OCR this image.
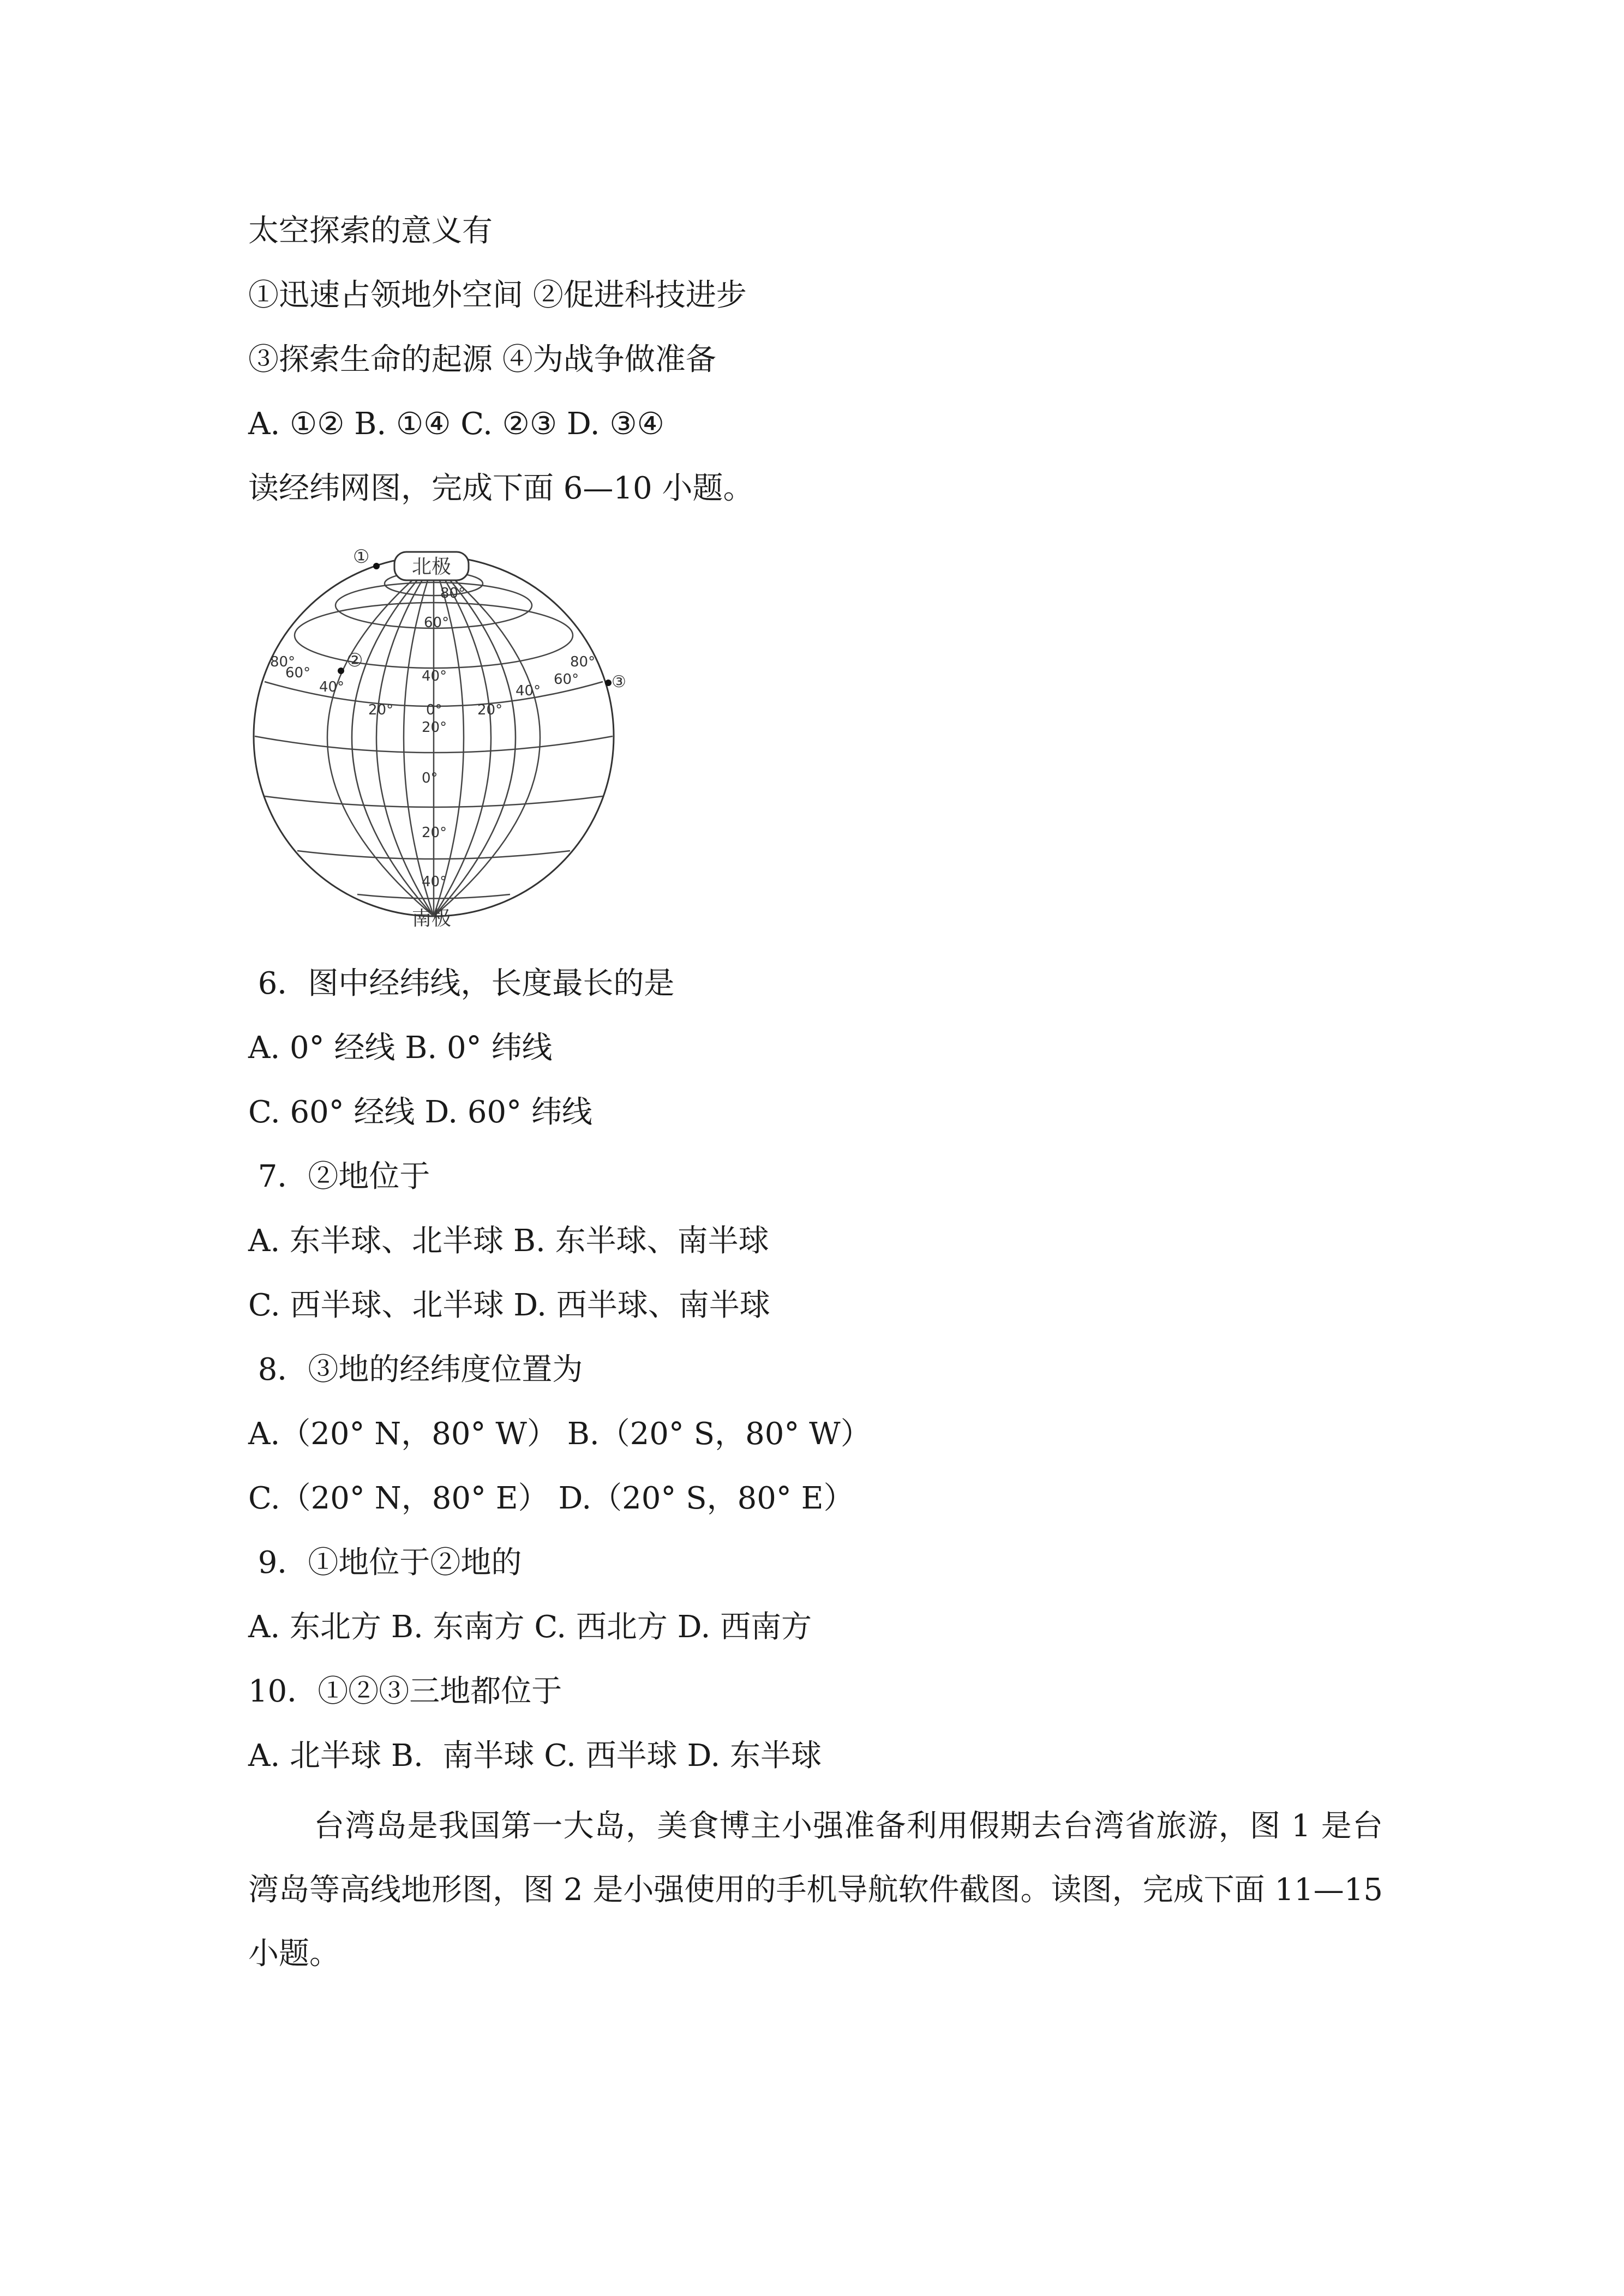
太空探索的意义有
①迅速占领地外空间 ②促进科技进步
③探索生命的起源 ④为战争做准备
A. ①② B. ①④ C. ②③ D. ③④
读经纬网图，完成下面 6—10 小题。
北极
南极
80°
60°
40°
20°
0°
20°
40°
80°
60°
40°
20° 0° 20°
40°
60°
80°
①
②
③
6．图中经纬线，长度最长的是
A. 0° 经线 B. 0° 纬线
C. 60° 经线 D. 60° 纬线
7．②地位于
A. 东半球、北半球 B. 东半球、南半球
C. 西半球、北半球 D. 西半球、南半球
8．③地的经纬度位置为
A.（20° N，80° W） B.（20° S，80° W）
C.（20° N，80° E） D.（20° S，80° E）
9．①地位于②地的
A. 东北方 B. 东南方 C. 西北方 D. 西南方
10．①②③三地都位于
A. 北半球 B.  南半球 C. 西半球 D. 东半球
台湾岛是我国第一大岛，美食博主小强准备利用假期去台湾省旅游，图 1 是台湾岛等高线地形图，图 2 是小强使用的手机导航软件截图。读图，完成下面 11—15 小题。
